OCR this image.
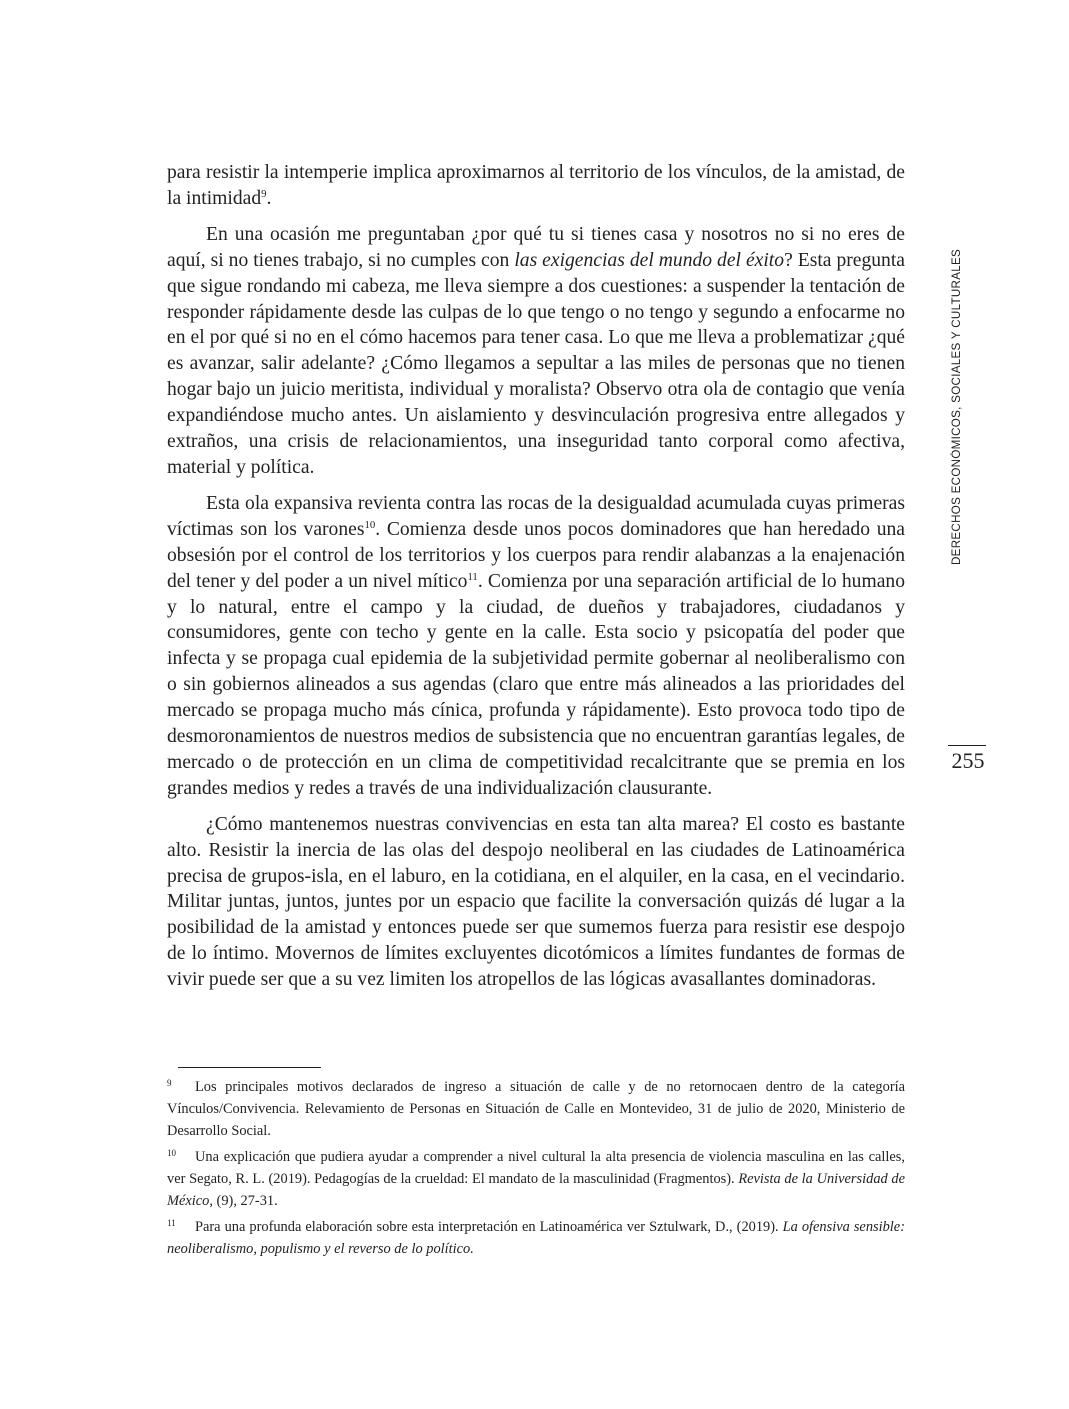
para resistir la intemperie implica aproximarnos al territorio de los vínculos, de la amistad, de la intimidad$^9$.

En una ocasión me preguntaban ¿por qué tu si tienes casa y nosotros no si no eres de aquí, si no tienes trabajo, si no cumples con las exigencias del mundo del éxito? Esta pregunta que sigue rondando mi cabeza, me lleva siempre a dos cuestiones: a suspender la tentación de responder rápidamente desde las culpas de lo que tengo o no tengo y segundo a enfocarme no en el por qué si no en el cómo hacemos para tener casa. Lo que me lleva a problematizar ¿qué es avanzar, salir adelante? ¿Cómo llegamos a sepultar a las miles de personas que no tienen hogar bajo un juicio meritista, individual y moralista? Observo otra ola de contagio que venía expandiéndose mucho antes. Un aislamiento y desvinculación progresiva entre allegados y extraños, una crisis de relacionamientos, una inseguridad tanto corporal como afectiva, material y política.

Esta ola expansiva revienta contra las rocas de la desigualdad acumulada cuyas primeras víctimas son los varones$^{10}$. Comienza desde unos pocos dominadores que han heredado una obsesión por el control de los territorios y los cuerpos para rendir alabanzas a la enajenación del tener y del poder a un nivel mítico$^{11}$. Comienza por una separación artificial de lo humano y lo natural, entre el campo y la ciudad, de dueños y trabajadores, ciudadanos y consumidores, gente con techo y gente en la calle. Esta socio y psicopatía del poder que infecta y se propaga cual epidemia de la subjetividad permite gobernar al neoliberalismo con o sin gobiernos alineados a sus agendas (claro que entre más alineados a las prioridades del mercado se propaga mucho más cínica, profunda y rápidamente). Esto provoca todo tipo de desmoronamientos de nuestros medios de subsistencia que no encuentran garantías legales, de mercado o de protección en un clima de competitividad recalcitrante que se premia en los grandes medios y redes a través de una individualización clausurante.

¿Cómo mantenemos nuestras convivencias en esta tan alta marea? El costo es bastante alto. Resistir la inercia de las olas del despojo neoliberal en las ciudades de Latinoamérica precisa de grupos-isla, en el laburo, en la cotidiana, en el alquiler, en la casa, en el vecindario. Militar juntas, juntos, juntes por un espacio que facilite la conversación quizás dé lugar a la posibilidad de la amistad y entonces puede ser que sumemos fuerza para resistir ese despojo de lo íntimo. Movernos de límites excluyentes dicotómicos a límites fundantes de formas de vivir puede ser que a su vez limiten los atropellos de las lógicas avasallantes dominadoras.

DERECHOS ECONÓMICOS, SOCIALES Y CULTURALES
255

9 Los principales motivos declarados de ingreso a situación de calle y de no retornocaen dentro de la categoría Vínculos/Convivencia. Relevamiento de Personas en Situación de Calle en Montevideo, 31 de julio de 2020, Ministerio de Desarrollo Social.

10 Una explicación que pudiera ayudar a comprender a nivel cultural la alta presencia de violencia masculina en las calles, ver Segato, R. L. (2019). Pedagogías de la crueldad: El mandato de la masculinidad (Fragmentos). Revista de la Universidad de México, (9), 27-31.

11 Para una profunda elaboración sobre esta interpretación en Latinoamérica ver Sztulwark, D., (2019). La ofensiva sensible: neoliberalismo, populismo y el reverso de lo político.
